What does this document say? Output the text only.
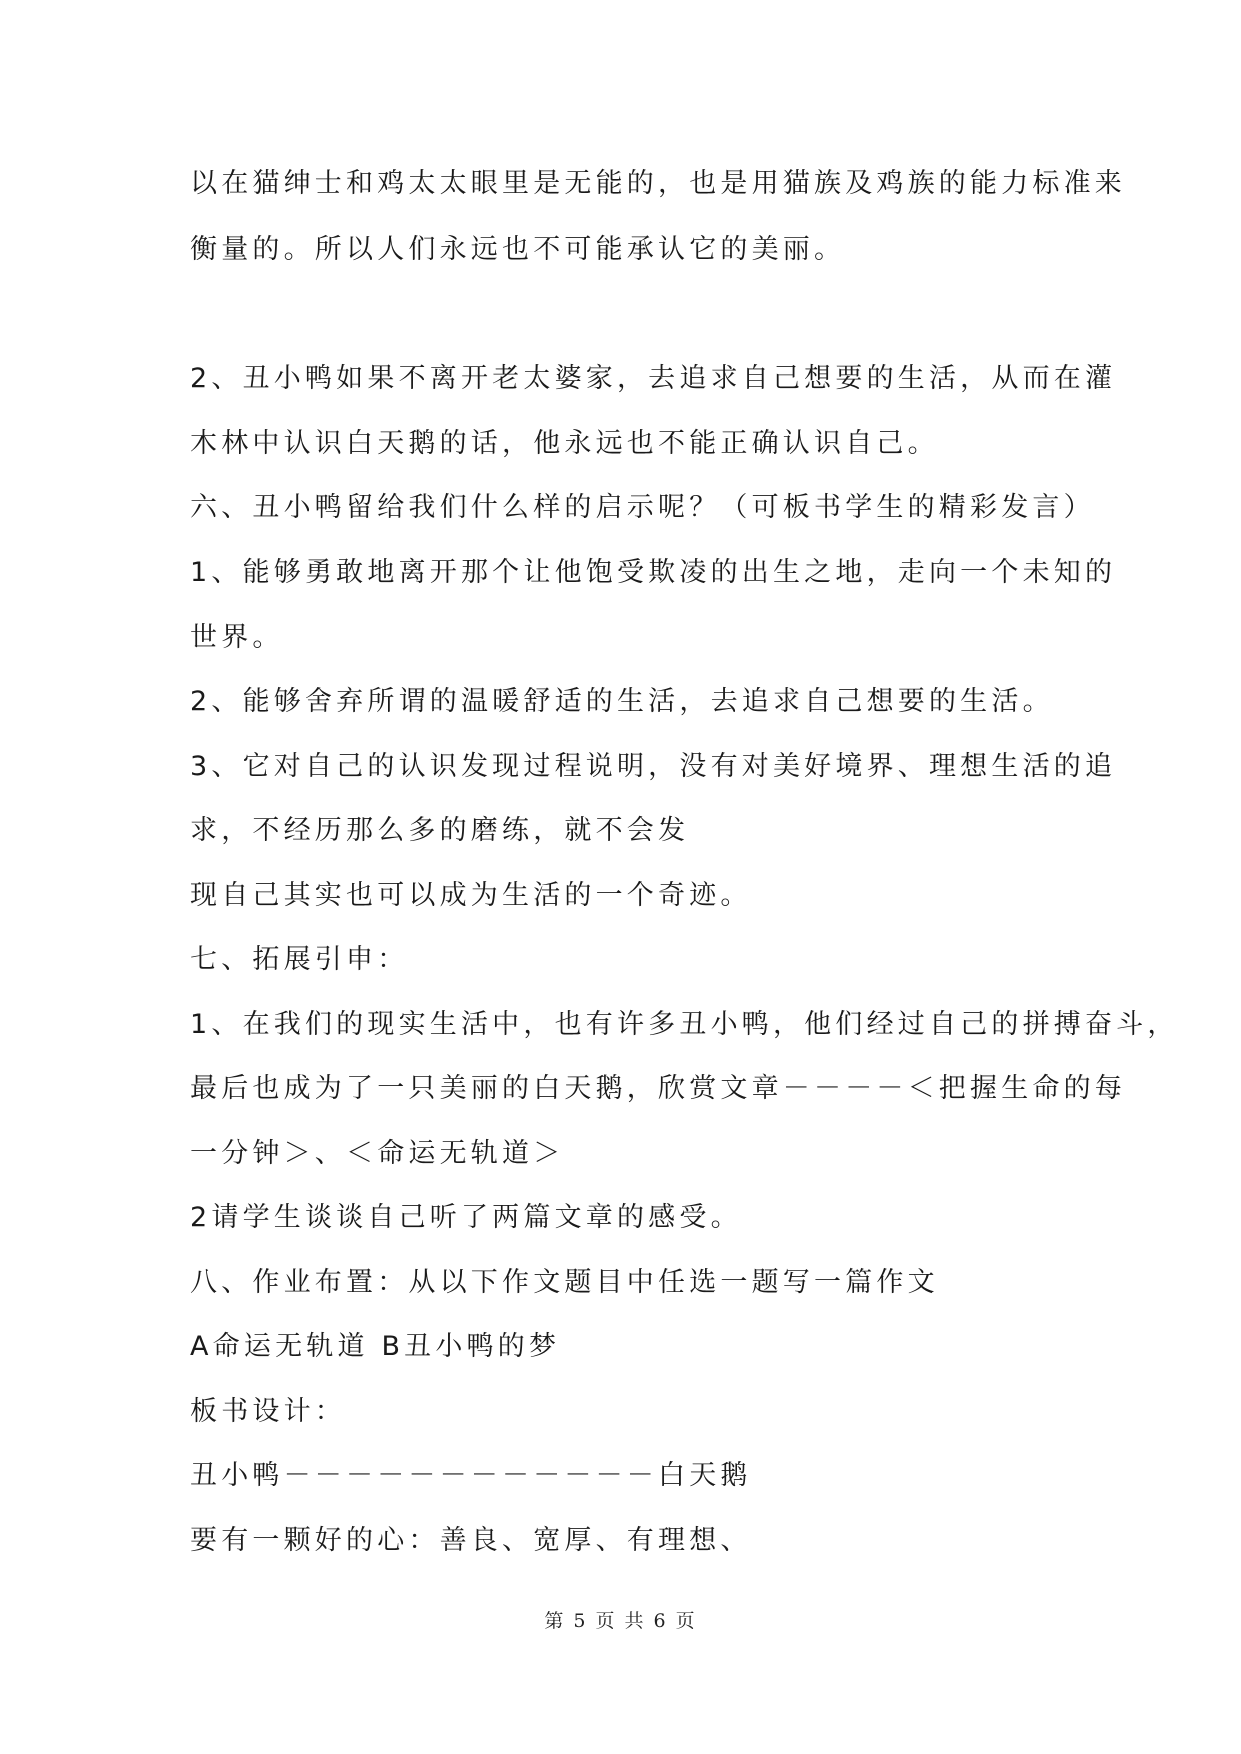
以在猫绅士和鸡太太眼里是无能的，也是用猫族及鸡族的能力标准来
衡量的。所以人们永远也不可能承认它的美丽。
2、丑小鸭如果不离开老太婆家，去追求自己想要的生活，从而在灌
木林中认识白天鹅的话，他永远也不能正确认识自己。
六、丑小鸭留给我们什么样的启示呢？（可板书学生的精彩发言）
1、能够勇敢地离开那个让他饱受欺凌的出生之地，走向一个未知的
世界。
2、能够舍弃所谓的温暖舒适的生活，去追求自己想要的生活。
3、它对自己的认识发现过程说明，没有对美好境界、理想生活的追
求，不经历那么多的磨练，就不会发
现自己其实也可以成为生活的一个奇迹。
七、拓展引申：
1、在我们的现实生活中，也有许多丑小鸭，他们经过自己的拼搏奋斗，
最后也成为了一只美丽的白天鹅，欣赏文章－－－－＜把握生命的每
一分钟＞、＜命运无轨道＞
2请学生谈谈自己听了两篇文章的感受。
八、作业布置：从以下作文题目中任选一题写一篇作文
A命运无轨道 B丑小鸭的梦
板书设计：
丑小鸭－－－－－－－－－－－－白天鹅
要有一颗好的心：善良、宽厚、有理想、
第 5 页 共 6 页
